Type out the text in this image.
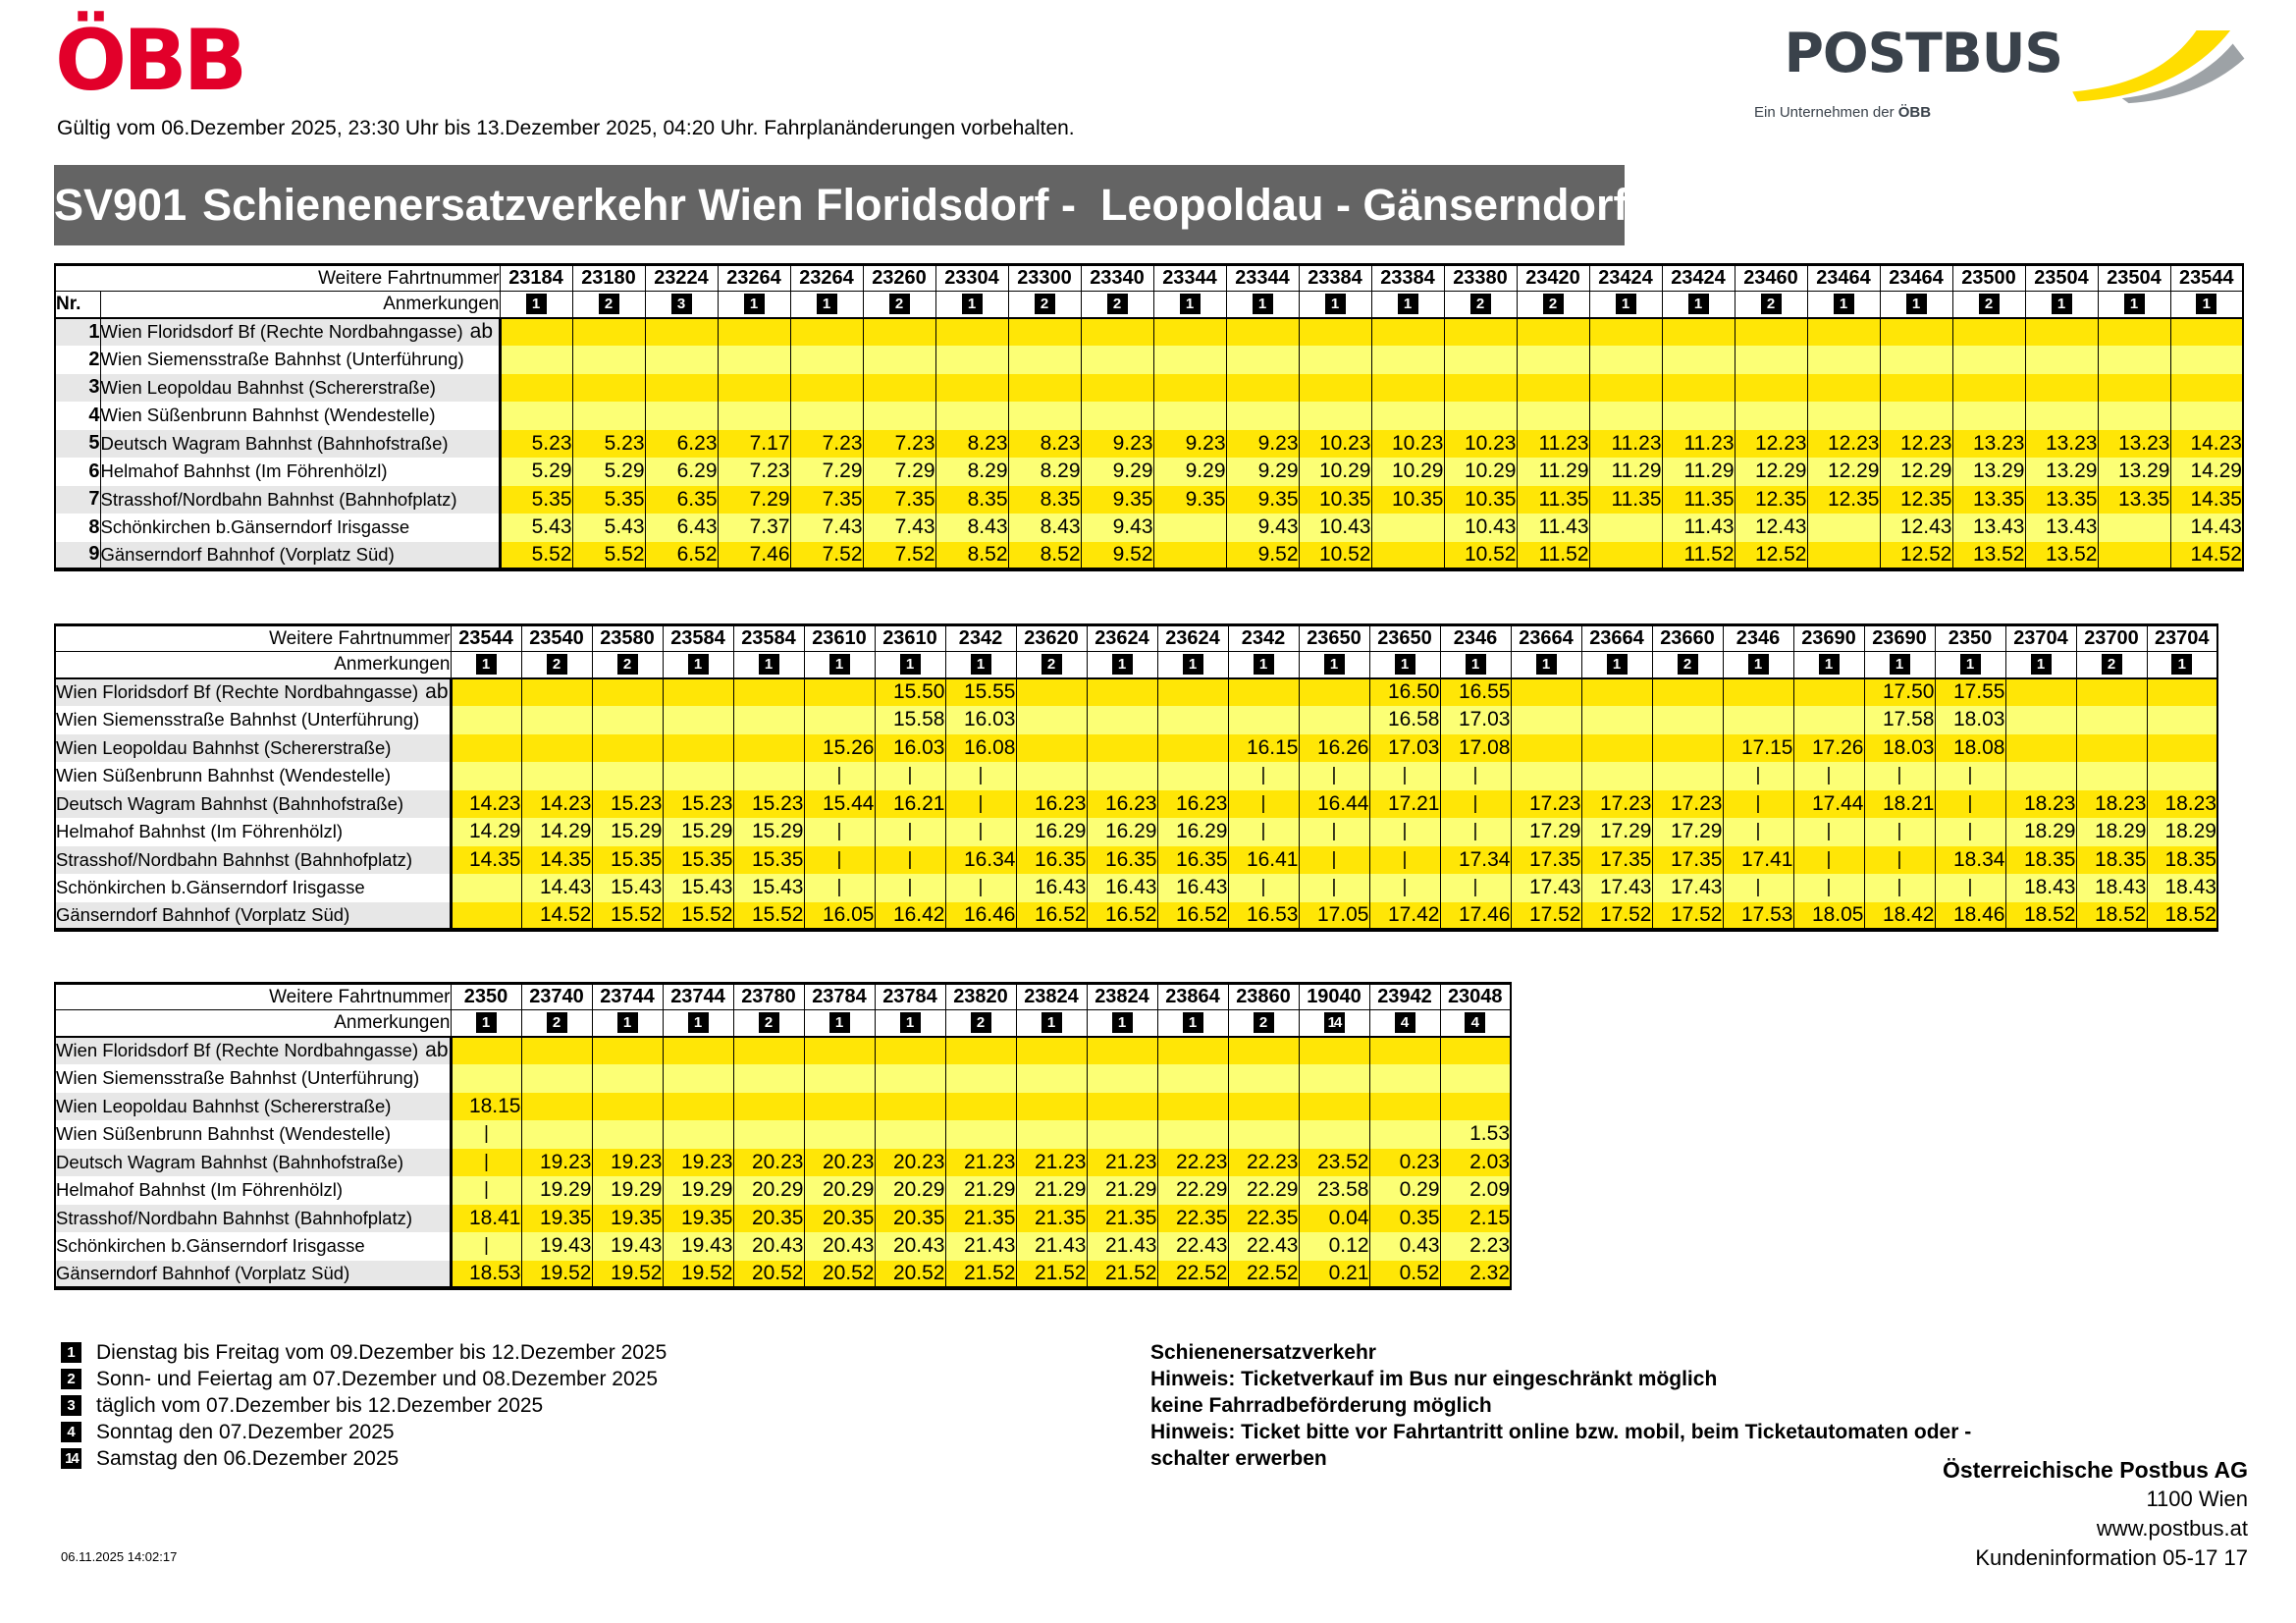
ÖBB	POSTBUS
Ein Unternehmen der ÖBB
Gültig vom 06.Dezember 2025, 23:30 Uhr bis 13.Dezember 2025, 04:20 Uhr. Fahrplanänderungen vorbehalten.
SV901 Schienenersatzverkehr Wien Floridsdorf -  Leopoldau - Gänserndorf
Weitere Fahrtnummer		23184	23180	23224	23264	23264	23260	23304	23300	23340	23344	23344	23384	23384	23380	23420	23424	23424	23460	23464	23464	23500	23504	23504	23544
Nr.	Anmerkungen	1	2	3	1	1	2	1	2	2	1	1	1	1	2	2	1	1	2	1	1	2	1	1	1
1	Wien Floridsdorf Bf (Rechte Nordbahngasse) ab																								
2	Wien Siemensstraße Bahnhst (Unterführung)																								
3	Wien Leopoldau Bahnhst (Schererstraße)																								
4	Wien Süßenbrunn Bahnhst (Wendestelle)																								
5	Deutsch Wagram Bahnhst (Bahnhofstraße)	5.23	5.23	6.23	7.17	7.23	7.23	8.23	8.23	9.23	9.23	9.23	10.23	10.23	10.23	11.23	11.23	11.23	12.23	12.23	12.23	13.23	13.23	13.23	14.23
6	Helmahof Bahnhst (Im Föhrenhölzl)	5.29	5.29	6.29	7.23	7.29	7.29	8.29	8.29	9.29	9.29	9.29	10.29	10.29	10.29	11.29	11.29	11.29	12.29	12.29	12.29	13.29	13.29	13.29	14.29
7	Strasshof/Nordbahn Bahnhst (Bahnhofplatz)	5.35	5.35	6.35	7.29	7.35	7.35	8.35	8.35	9.35	9.35	9.35	10.35	10.35	10.35	11.35	11.35	11.35	12.35	12.35	12.35	13.35	13.35	13.35	14.35
8	Schönkirchen b.Gänserndorf Irisgasse	5.43	5.43	6.43	7.37	7.43	7.43	8.43	8.43	9.43		9.43	10.43		10.43	11.43		11.43	12.43		12.43	13.43	13.43		14.43
9	Gänserndorf Bahnhof (Vorplatz Süd)	5.52	5.52	6.52	7.46	7.52	7.52	8.52	8.52	9.52		9.52	10.52		10.52	11.52		11.52	12.52		12.52	13.52	13.52		14.52
Weitere Fahrtnummer	23544	23540	23580	23584	23584	23610	23610	2342	23620	23624	23624	2342	23650	23650	2346	23664	23664	23660	2346	23690	23690	2350	23704	23700	23704
Anmerkungen	1	2	2	1	1	1	1	1	2	1	1	1	1	1	1	1	1	2	1	1	1	1	1	2	1
Wien Floridsdorf Bf (Rechte Nordbahngasse) ab							15.50	15.55						16.50	16.55						17.50	17.55			
Wien Siemensstraße Bahnhst (Unterführung)							15.58	16.03						16.58	17.03						17.58	18.03			
Wien Leopoldau Bahnhst (Schererstraße)						15.26	16.03	16.08				16.15	16.26	17.03	17.08				17.15	17.26	18.03	18.08			
Wien Süßenbrunn Bahnhst (Wendestelle)						|	|	|				|	|	|	|				|	|	|	|			
Deutsch Wagram Bahnhst (Bahnhofstraße)	14.23	14.23	15.23	15.23	15.23	15.44	16.21	|	16.23	16.23	16.23	|	16.44	17.21	|	17.23	17.23	17.23	|	17.44	18.21	|	18.23	18.23	18.23
Helmahof Bahnhst (Im Föhrenhölzl)	14.29	14.29	15.29	15.29	15.29	|	|	|	16.29	16.29	16.29	|	|	|	|	17.29	17.29	17.29	|	|	|	|	18.29	18.29	18.29
Strasshof/Nordbahn Bahnhst (Bahnhofplatz)	14.35	14.35	15.35	15.35	15.35	|	|	16.34	16.35	16.35	16.35	16.41	|	|	17.34	17.35	17.35	17.35	17.41	|	|	18.34	18.35	18.35	18.35
Schönkirchen b.Gänserndorf Irisgasse		14.43	15.43	15.43	15.43	|	|	|	16.43	16.43	16.43	|	|	|	|	17.43	17.43	17.43	|	|	|	|	18.43	18.43	18.43
Gänserndorf Bahnhof (Vorplatz Süd)		14.52	15.52	15.52	15.52	16.05	16.42	16.46	16.52	16.52	16.52	16.53	17.05	17.42	17.46	17.52	17.52	17.52	17.53	18.05	18.42	18.46	18.52	18.52	18.52
Weitere Fahrtnummer	2350	23740	23744	23744	23780	23784	23784	23820	23824	23824	23864	23860	19040	23942	23048
Anmerkungen	1	2	1	1	2	1	1	2	1	1	1	2	14	4	4
Wien Floridsdorf Bf (Rechte Nordbahngasse) ab															
Wien Siemensstraße Bahnhst (Unterführung)															
Wien Leopoldau Bahnhst (Schererstraße)	18.15														
Wien Süßenbrunn Bahnhst (Wendestelle)	|														1.53
Deutsch Wagram Bahnhst (Bahnhofstraße)	|	19.23	19.23	19.23	20.23	20.23	20.23	21.23	21.23	21.23	22.23	22.23	23.52	0.23	2.03
Helmahof Bahnhst (Im Föhrenhölzl)	|	19.29	19.29	19.29	20.29	20.29	20.29	21.29	21.29	21.29	22.29	22.29	23.58	0.29	2.09
Strasshof/Nordbahn Bahnhst (Bahnhofplatz)	18.41	19.35	19.35	19.35	20.35	20.35	20.35	21.35	21.35	21.35	22.35	22.35	0.04	0.35	2.15
Schönkirchen b.Gänserndorf Irisgasse	|	19.43	19.43	19.43	20.43	20.43	20.43	21.43	21.43	21.43	22.43	22.43	0.12	0.43	2.23
Gänserndorf Bahnhof (Vorplatz Süd)	18.53	19.52	19.52	19.52	20.52	20.52	20.52	21.52	21.52	21.52	22.52	22.52	0.21	0.52	2.32
1	Dienstag bis Freitag vom 09.Dezember bis 12.Dezember 2025
2	Sonn- und Feiertag am 07.Dezember und 08.Dezember 2025
3	täglich vom 07.Dezember bis 12.Dezember 2025
4	Sonntag den 07.Dezember 2025
14 Samstag den 06.Dezember 2025
Schienenersatzverkehr
Hinweis: Ticketverkauf im Bus nur eingeschränkt möglich
keine Fahrradbeförderung möglich
Hinweis: Ticket bitte vor Fahrtantritt online bzw. mobil, beim Ticketautomaten oder -
schalter erwerben	Österreichische Postbus AG
1100 Wien
www.postbus.at
Kundeninformation 05-17 17
06.11.2025 14:02:17
